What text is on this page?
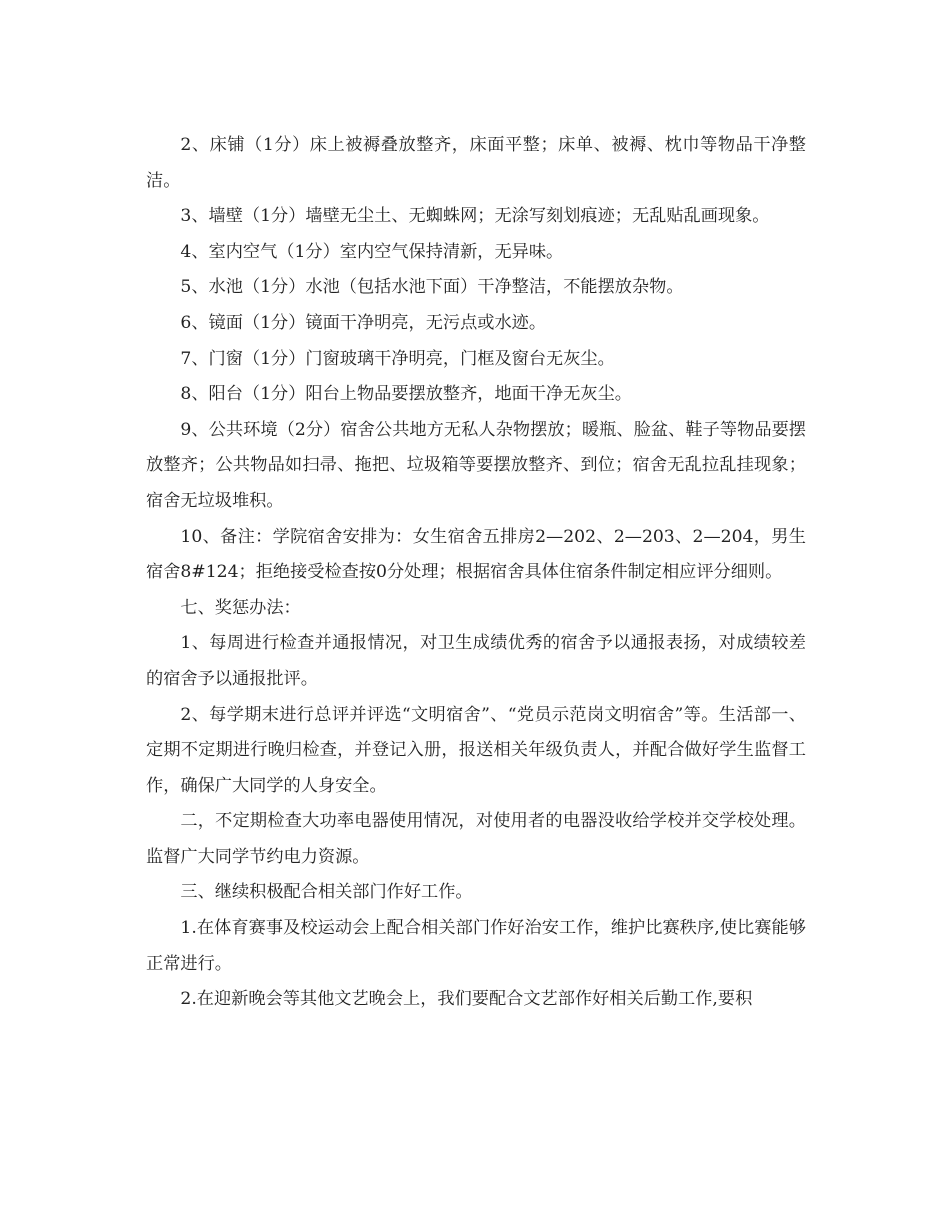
2、床铺（1分）床上被褥叠放整齐，床面平整；床单、被褥、枕巾等物品干净整洁。

3、墙壁（1分）墙壁无尘土、无蜘蛛网；无涂写刻划痕迹；无乱贴乱画现象。

4、室内空气（1分）室内空气保持清新，无异味。

5、水池（1分）水池（包括水池下面）干净整洁，不能摆放杂物。

6、镜面（1分）镜面干净明亮，无污点或水迹。

7、门窗（1分）门窗玻璃干净明亮，门框及窗台无灰尘。

8、阳台（1分）阳台上物品要摆放整齐，地面干净无灰尘。

9、公共环境（2分）宿舍公共地方无私人杂物摆放；暖瓶、脸盆、鞋子等物品要摆放整齐；公共物品如扫帚、拖把、垃圾箱等要摆放整齐、到位；宿舍无乱拉乱挂现象；宿舍无垃圾堆积。

10、备注：学院宿舍安排为：女生宿舍五排房2—202、2—203、2—204，男生宿舍8#124；拒绝接受检查按0分处理；根据宿舍具体住宿条件制定相应评分细则。

七、奖惩办法：

1、每周进行检查并通报情况，对卫生成绩优秀的宿舍予以通报表扬，对成绩较差的宿舍予以通报批评。

2、每学期末进行总评并评选“文明宿舍”、“党员示范岗文明宿舍”等。生活部一、定期不定期进行晚归检查，并登记入册，报送相关年级负责人，并配合做好学生监督工作，确保广大同学的人身安全。

二，不定期检查大功率电器使用情况，对使用者的电器没收给学校并交学校处理。监督广大同学节约电力资源。

三、继续积极配合相关部门作好工作。

1.在体育赛事及校运动会上配合相关部门作好治安工作，维护比赛秩序,使比赛能够正常进行。

2.在迎新晚会等其他文艺晚会上，我们要配合文艺部作好相关后勤工作,要积
